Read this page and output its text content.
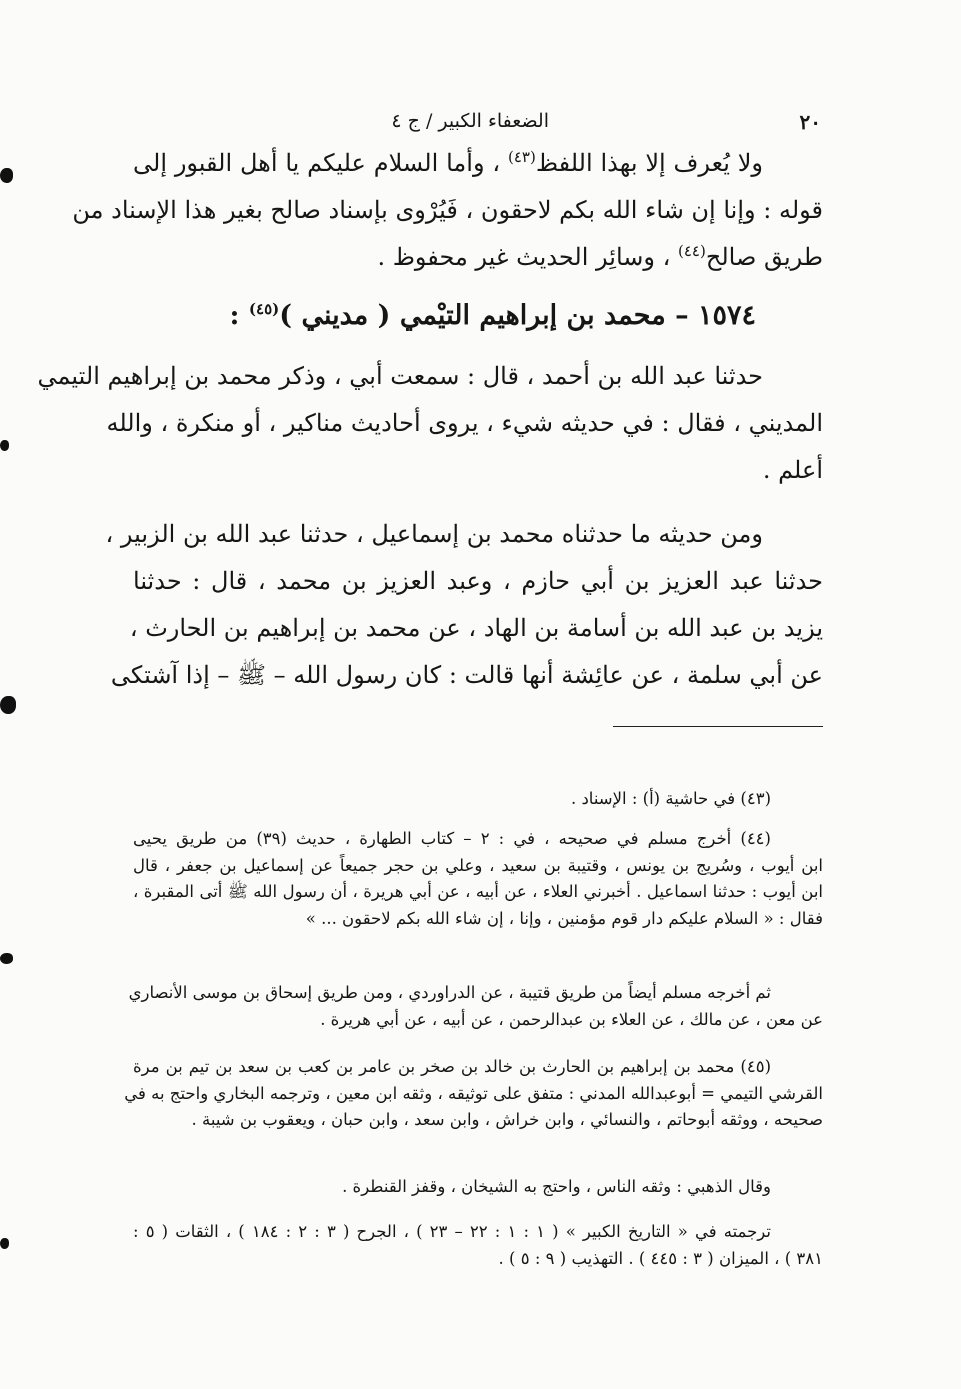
٢٠
الضعفاء الكبير / ج ٤
ولا يُعرف إلا بهذا اللفظ$^{(٤٣)}$ ، وأما السلام عليكم يا أهل القبور إلى
قوله : وإنا إن شاء الله بكم لاحقون ، فَيُرْوى بإسناد صالح بغير هذا الإسناد من
طريق صالح$^{(٤٤)}$ ، وسائِر الحديث غير محفوظ .
١٥٧٤ – محمد بن إبراهيم التيْمي ( مديني )$^{(٤٥)}$ :
حدثنا عبد الله بن أحمد ، قال : سمعت أبي ، وذكر محمد بن إبراهيم التيمي
المديني ، فقال : في حديثه شيء ، يروى أحاديث مناكير ، أو منكرة ، والله
أعلم .
ومن حديثه ما حدثناه محمد بن إسماعيل ، حدثنا عبد الله بن الزبير ،
حدثنا عبد العزيز بن أبي حازم ، وعبد العزيز بن محمد ، قال : حدثنا
يزيد بن عبد الله بن أسامة بن الهاد ، عن محمد بن إبراهيم بن الحارث ،
عن أبي سلمة ، عن عائِشة أنها قالت : كان رسول الله – ﷺ – إذا آشتكى
(٤٣) في حاشية (أ) : الإسناد .
(٤٤) أخرج مسلم في صحيحه ، في : ٢ – كتاب الطهارة ، حديث (٣٩) من طريق يحيى
ابن أيوب ، وسُريج بن يونس ، وقتيبة بن سعيد ، وعلي بن حجر جميعاً عن إسماعيل بن جعفر ، قال
ابن أيوب : حدثنا اسماعيل . أخبرني العلاء ، عن أبيه ، عن أبي هريرة ، أن رسول الله ﷺ أتى المقبرة ،
فقال : « السلام عليكم دار قوم مؤمنين ، وإنا ، إن شاء الله بكم لاحقون ... »
ثم أخرجه مسلم أيضاً من طريق قتيبة ، عن الدراوردي ، ومن طريق إسحاق بن موسى الأنصاري
عن معن ، عن مالك ، عن العلاء بن عبدالرحمن ، عن أبيه ، عن أبي هريرة .
(٤٥) محمد بن إبراهيم بن الحارث بن خالد بن صخر بن عامر بن كعب بن سعد بن تيم بن مرة
القرشي التيمي = أبوعبدالله المدني : متفق على توثيقه ، وثقه ابن معين ، وترجمه البخاري واحتج به في
صحيحه ، ووثقه أبوحاتم ، والنسائي ، وابن خراش ، وابن سعد ، وابن حبان ، ويعقوب بن شيبة .
وقال الذهبي : وثقه الناس ، واحتج به الشيخان ، وقفز القنطرة .
ترجمته في « التاريخ الكبير » ( ١ : ١ : ٢٢ – ٢٣ ) ، الجرح ( ٣ : ٢ : ١٨٤ ) ، الثقات ( ٥ :
٣٨١ ) ، الميزان ( ٣ : ٤٤٥ ) . التهذيب ( ٩ : ٥ ) .
